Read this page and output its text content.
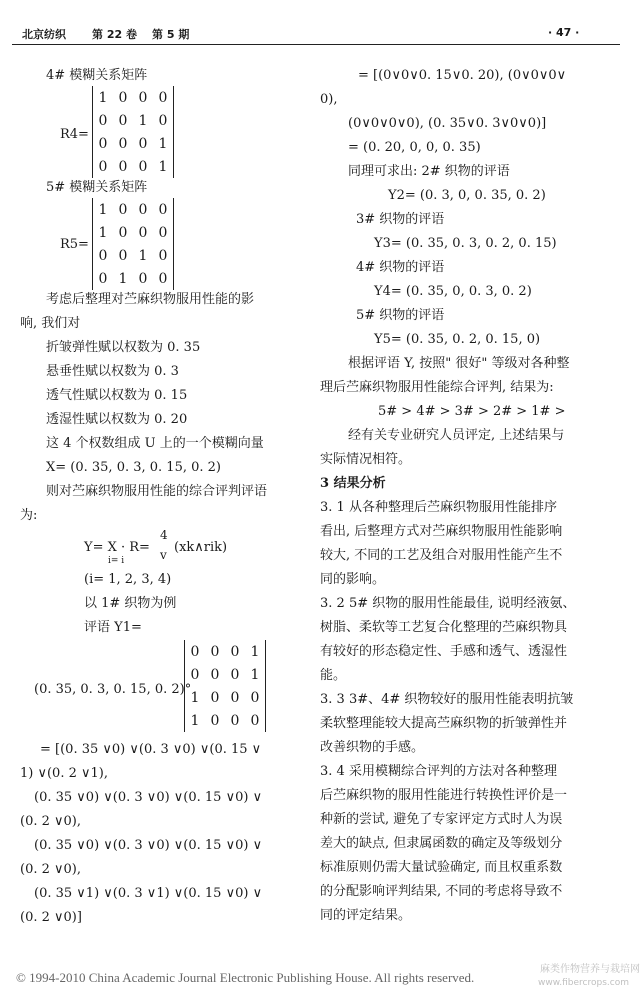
北京纺织 第 22 卷 第 5 期	· 47 ·
4# 模糊关系矩阵
R4=
1 0 0 0
0 0 1 0
0 0 0 1
0 0 0 1
5# 模糊关系矩阵
R5=
1 0 0 0
1 0 0 0
0 0 1 0
0 1 0 0
考虑后整理对苎麻织物服用性能的影
响, 我们对
折皱弹性赋以权数为 0. 35
悬垂性赋以权数为 0. 3
透气性赋以权数为 0. 15
透湿性赋以权数为 0. 20
这 4 个权数组成 U 上的一个模糊向量
X= (0. 35, 0. 3, 0. 15, 0. 2)
则对苎麻织物服用性能的综合评判评语
为:
Y= X · R=
i= i
4
v (xk∧rik)
(i= 1, 2, 3, 4)
以 1# 织物为例
评语 Y1=
(0. 35, 0. 3, 0. 15, 0. 2)°
0 0 0 1
0 0 0 1
1 0 0 0
1 0 0 0
= [(0. 35 ∨0) ∨(0. 3 ∨0) ∨(0. 15 ∨
1) ∨(0. 2 ∨1),
(0. 35 ∨0) ∨(0. 3 ∨0) ∨(0. 15 ∨0) ∨
(0. 2 ∨0),
(0. 35 ∨0) ∨(0. 3 ∨0) ∨(0. 15 ∨0) ∨
(0. 2 ∨0),
(0. 35 ∨1) ∨(0. 3 ∨1) ∨(0. 15 ∨0) ∨
(0. 2 ∨0)]
= [(0∨0∨0. 15∨0. 20), (0∨0∨0∨
0),
(0∨0∨0∨0), (0. 35∨0. 3∨0∨0)]
= (0. 20, 0, 0, 0. 35)
同理可求出: 2# 织物的评语
Y2= (0. 3, 0, 0. 35, 0. 2)
3# 织物的评语
Y3= (0. 35, 0. 3, 0. 2, 0. 15)
4# 织物的评语
Y4= (0. 35, 0, 0. 3, 0. 2)
5# 织物的评语
Y5= (0. 35, 0. 2, 0. 15, 0)
根据评语 Y, 按照" 很好" 等级对各种整
理后苎麻织物服用性能综合评判, 结果为:
5# > 4# > 3# > 2# > 1# >
经有关专业研究人员评定, 上述结果与
实际情况相符。
3 结果分析
3. 1 从各种整理后苎麻织物服用性能排序
看出, 后整理方式对苎麻织物服用性能影响
较大, 不同的工艺及组合对服用性能产生不
同的影响。
3. 2 5# 织物的服用性能最佳, 说明经液氨、
树脂、柔软等工艺复合化整理的苎麻织物具
有较好的形态稳定性、手感和透气、透湿性
能。
3. 3 3#、4# 织物较好的服用性能表明抗皱
柔软整理能较大提高苎麻织物的折皱弹性并
改善织物的手感。
3. 4 采用模糊综合评判的方法对各种整理
后苎麻织物的服用性能进行转换性评价是一
种新的尝试, 避免了专家评定方式时人为误
差大的缺点, 但隶属函数的确定及等级划分
标准原则仍需大量试验确定, 而且权重系数
的分配影响评判结果, 不同的考虑将导致不
同的评定结果。
© 1994-2010 China Academic Journal Electronic Publishing House. All rights reserved.
麻类作物营养与栽培网
www.fibercrops.com
